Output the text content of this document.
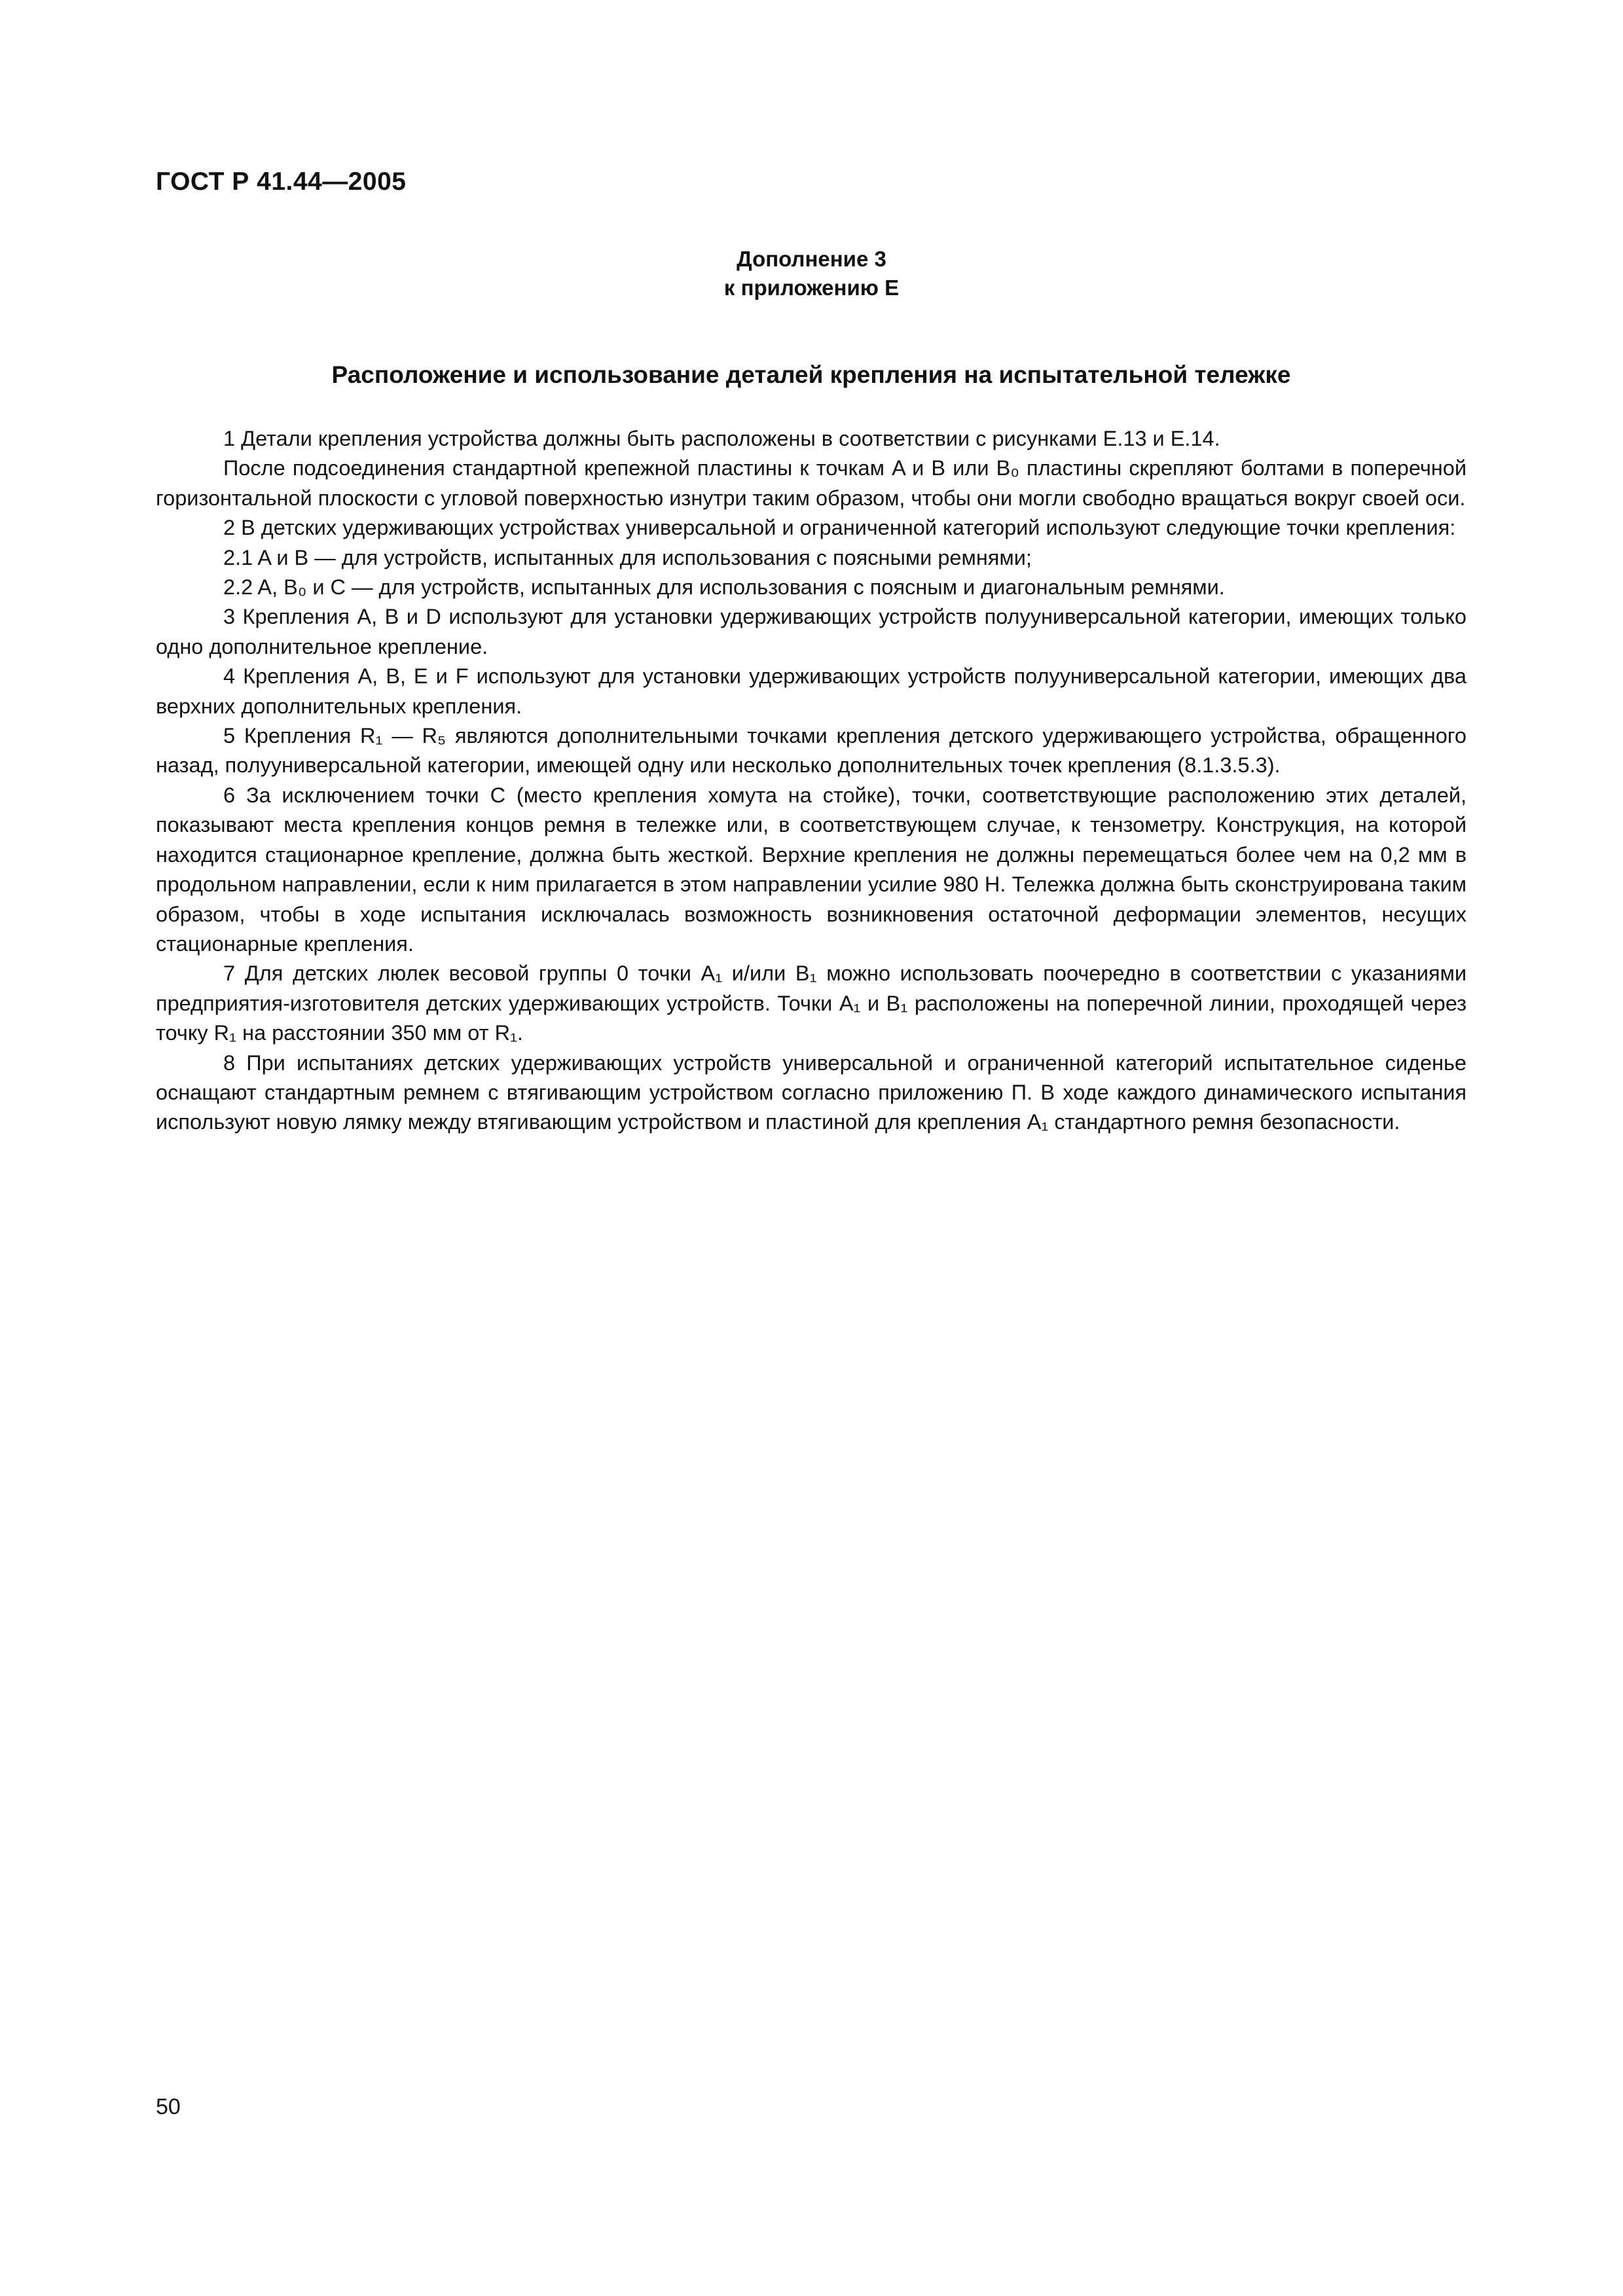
ГОСТ Р 41.44—2005
Дополнение 3
к приложению Е
Расположение и использование деталей крепления на испытательной тележке

1 Детали крепления устройства должны быть расположены в соответствии с рисунками Е.13 и Е.14.

После подсоединения стандартной крепежной пластины к точкам A и B или B₀ пластины скрепляют болтами в поперечной горизонтальной плоскости с угловой поверхностью изнутри таким образом, чтобы они могли свободно вращаться вокруг своей оси.

2 В детских удерживающих устройствах универсальной и ограниченной категорий используют следующие точки крепления:

2.1 A и B — для устройств, испытанных для использования с поясными ремнями;

2.2 A, B₀ и C — для устройств, испытанных для использования с поясным и диагональным ремнями.

3 Крепления A, B и D используют для установки удерживающих устройств полууниверсальной категории, имеющих только одно дополнительное крепление.

4 Крепления A, B, E и F используют для установки удерживающих устройств полууниверсальной категории, имеющих два верхних дополнительных крепления.

5 Крепления R₁ — R₅ являются дополнительными точками крепления детского удерживающего устройства, обращенного назад, полууниверсальной категории, имеющей одну или несколько дополнительных точек крепления (8.1.3.5.3).

6 За исключением точки C (место крепления хомута на стойке), точки, соответствующие расположению этих деталей, показывают места крепления концов ремня в тележке или, в соответствующем случае, к тензометру. Конструкция, на которой находится стационарное крепление, должна быть жесткой. Верхние крепления не должны перемещаться более чем на 0,2 мм в продольном направлении, если к ним прилагается в этом направлении усилие 980 Н. Тележка должна быть сконструирована таким образом, чтобы в ходе испытания исключалась возможность возникновения остаточной деформации элементов, несущих стационарные крепления.

7 Для детских люлек весовой группы 0 точки A₁ и/или B₁ можно использовать поочередно в соответствии с указаниями предприятия-изготовителя детских удерживающих устройств. Точки A₁ и B₁ расположены на поперечной линии, проходящей через точку R₁ на расстоянии 350 мм от R₁.

8 При испытаниях детских удерживающих устройств универсальной и ограниченной категорий испытательное сиденье оснащают стандартным ремнем с втягивающим устройством согласно приложению П. В ходе каждого динамического испытания используют новую лямку между втягивающим устройством и пластиной для крепления A₁ стандартного ремня безопасности.

50
